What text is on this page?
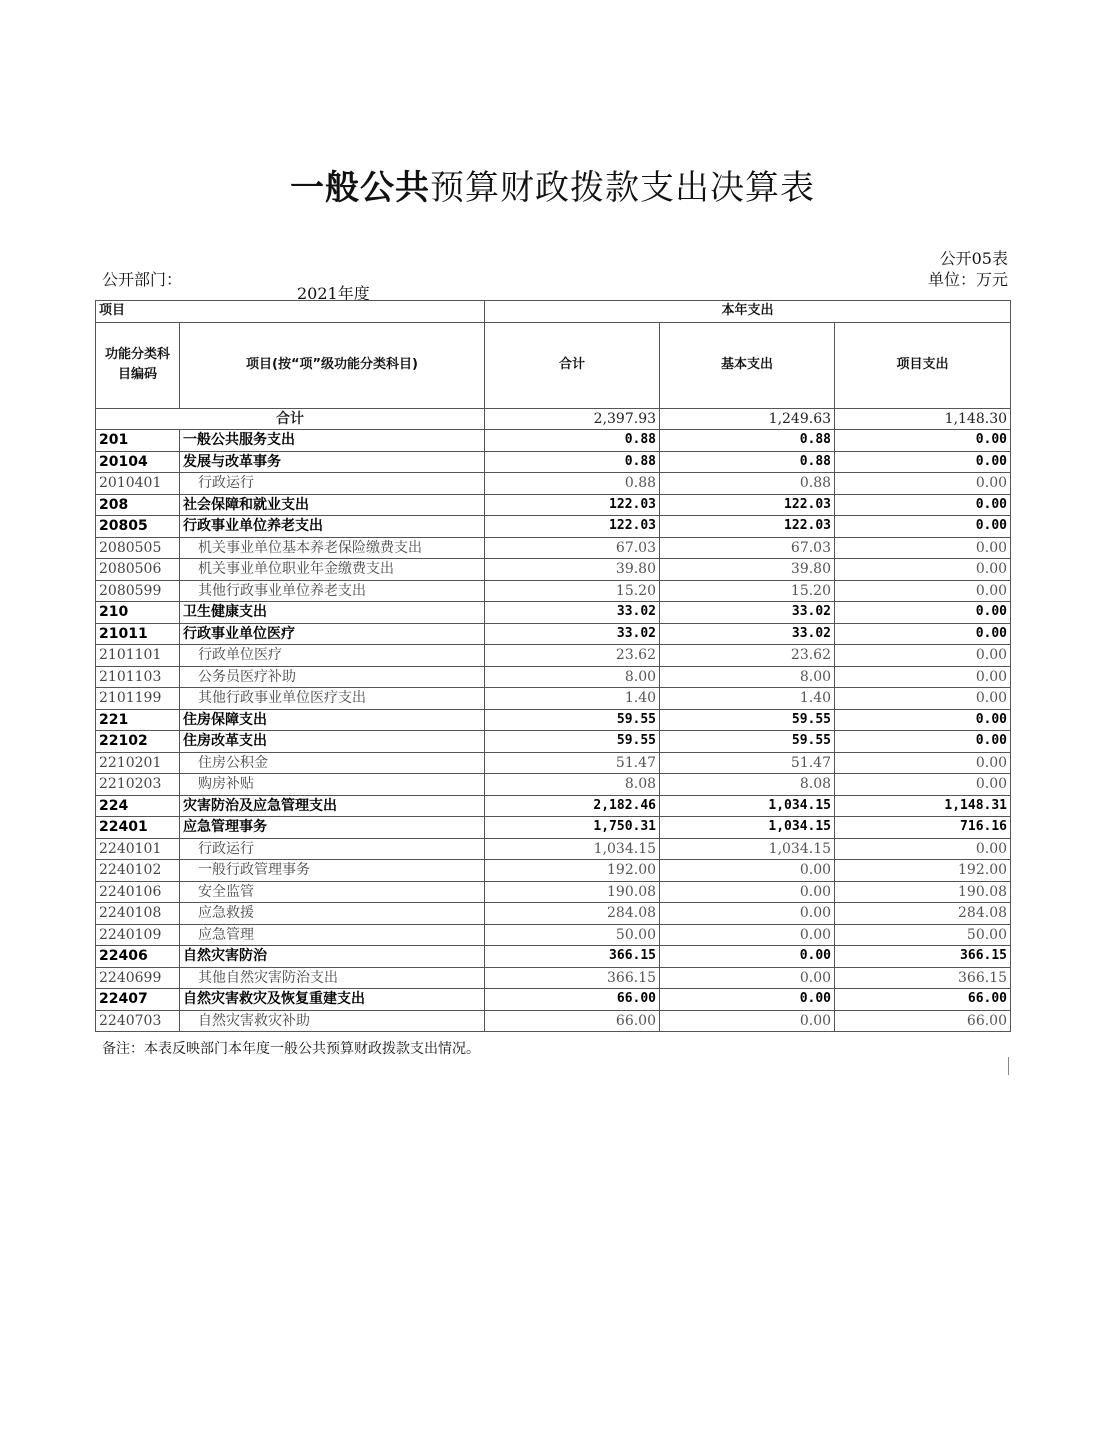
一般公共预算财政拨款支出决算表
公开05表
单位：万元
公开部门：
2021年度
项目		本年支出		
功能分类科目编码	项目(按“项”级功能分类科目)	合计	基本支出	项目支出
合计		2,397.93	1,249.63	1,148.30
201	一般公共服务支出	0.88	0.88	0.00
20104	发展与改革事务	0.88	0.88	0.00
2010401	行政运行	0.88	0.88	0.00
208	社会保障和就业支出	122.03	122.03	0.00
20805	行政事业单位养老支出	122.03	122.03	0.00
2080505	机关事业单位基本养老保险缴费支出	67.03	67.03	0.00
2080506	机关事业单位职业年金缴费支出	39.80	39.80	0.00
2080599	其他行政事业单位养老支出	15.20	15.20	0.00
210	卫生健康支出	33.02	33.02	0.00
21011	行政事业单位医疗	33.02	33.02	0.00
2101101	行政单位医疗	23.62	23.62	0.00
2101103	公务员医疗补助	8.00	8.00	0.00
2101199	其他行政事业单位医疗支出	1.40	1.40	0.00
221	住房保障支出	59.55	59.55	0.00
22102	住房改革支出	59.55	59.55	0.00
2210201	住房公积金	51.47	51.47	0.00
2210203	购房补贴	8.08	8.08	0.00
224	灾害防治及应急管理支出	2,182.46	1,034.15	1,148.31
22401	应急管理事务	1,750.31	1,034.15	716.16
2240101	行政运行	1,034.15	1,034.15	0.00
2240102	一般行政管理事务	192.00	0.00	192.00
2240106	安全监管	190.08	0.00	190.08
2240108	应急救援	284.08	0.00	284.08
2240109	应急管理	50.00	0.00	50.00
22406	自然灾害防治	366.15	0.00	366.15
2240699	其他自然灾害防治支出	366.15	0.00	366.15
22407	自然灾害救灾及恢复重建支出	66.00	0.00	66.00
2240703	自然灾害救灾补助	66.00	0.00	66.00
备注：本表反映部门本年度一般公共预算财政拨款支出情况。
